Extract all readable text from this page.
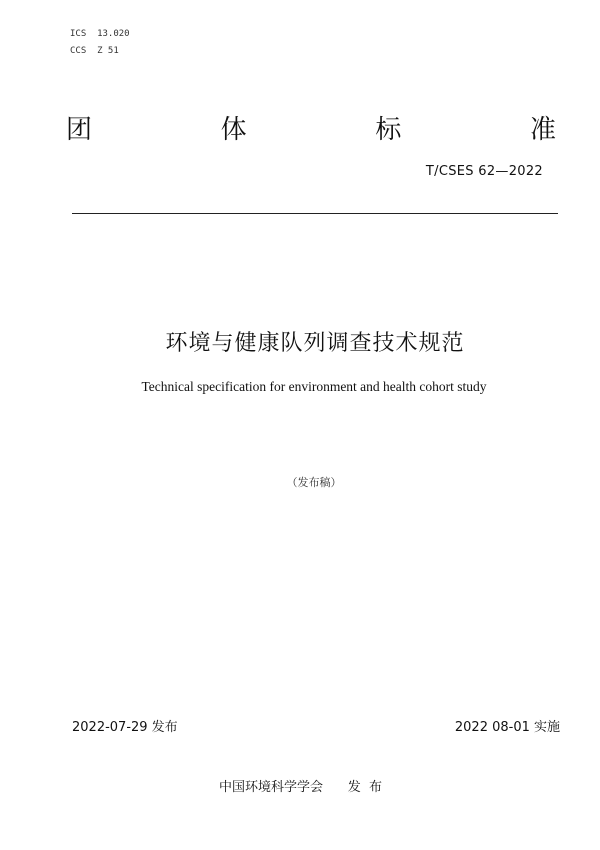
ICS  13.020
CCS  Z 51
团	体	标	准
T/CSES 62—2022
环境与健康队列调查技术规范
Technical specification for environment and health cohort study
（发布稿）
2022-07-29 发布	2022 08-01 实施
中国环境科学学会      发  布
